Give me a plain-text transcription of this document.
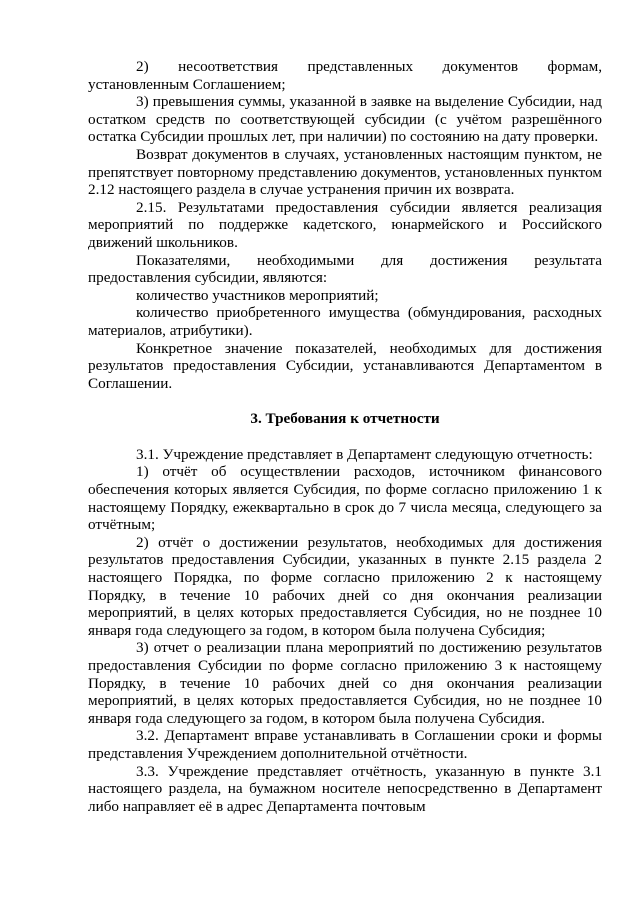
2) несоответствия представленных документов формам, установленным Соглашением;

3) превышения суммы, указанной в заявке на выделение Субсидии, над остатком средств по соответствующей субсидии (с учётом разрешённого остатка Субсидии прошлых лет, при наличии) по состоянию на дату проверки.

Возврат документов в случаях, установленных настоящим пунктом, не препятствует повторному представлению документов, установленных пунктом 2.12 настоящего раздела в случае устранения причин их возврата.

2.15. Результатами предоставления субсидии является реализация мероприятий по поддержке кадетского, юнармейского и Российского движений школьников.

Показателями, необходимыми для достижения результата предоставления субсидии, являются:

количество участников мероприятий;

количество приобретенного имущества (обмундирования, расходных материалов, атрибутики).

Конкретное значение показателей, необходимых для достижения результатов предоставления Субсидии, устанавливаются Департаментом в Соглашении.

3. Требования к отчетности

3.1. Учреждение представляет в Департамент следующую отчетность:

1) отчёт об осуществлении расходов, источником финансового обеспечения которых является Субсидия, по форме согласно приложению 1 к настоящему Порядку, ежеквартально в срок до 7 числа месяца, следующего за отчётным;

2) отчёт о достижении результатов, необходимых для достижения результатов предоставления Субсидии, указанных в пункте 2.15 раздела 2 настоящего Порядка, по форме согласно приложению 2 к настоящему Порядку, в течение 10 рабочих дней со дня окончания реализации мероприятий, в целях которых предоставляется Субсидия, но не позднее 10 января года следующего за годом, в котором была получена Субсидия;

3) отчет о реализации плана мероприятий по достижению результатов предоставления Субсидии по форме согласно приложению 3 к настоящему Порядку, в течение 10 рабочих дней со дня окончания реализации мероприятий, в целях которых предоставляется Субсидия, но не позднее 10 января года следующего за годом, в котором была получена Субсидия.

3.2. Департамент вправе устанавливать в Соглашении сроки и формы представления Учреждением дополнительной отчётности.

3.3. Учреждение представляет отчётность, указанную в пункте 3.1 настоящего раздела, на бумажном носителе непосредственно в Департамент либо направляет её в адрес Департамента почтовым
